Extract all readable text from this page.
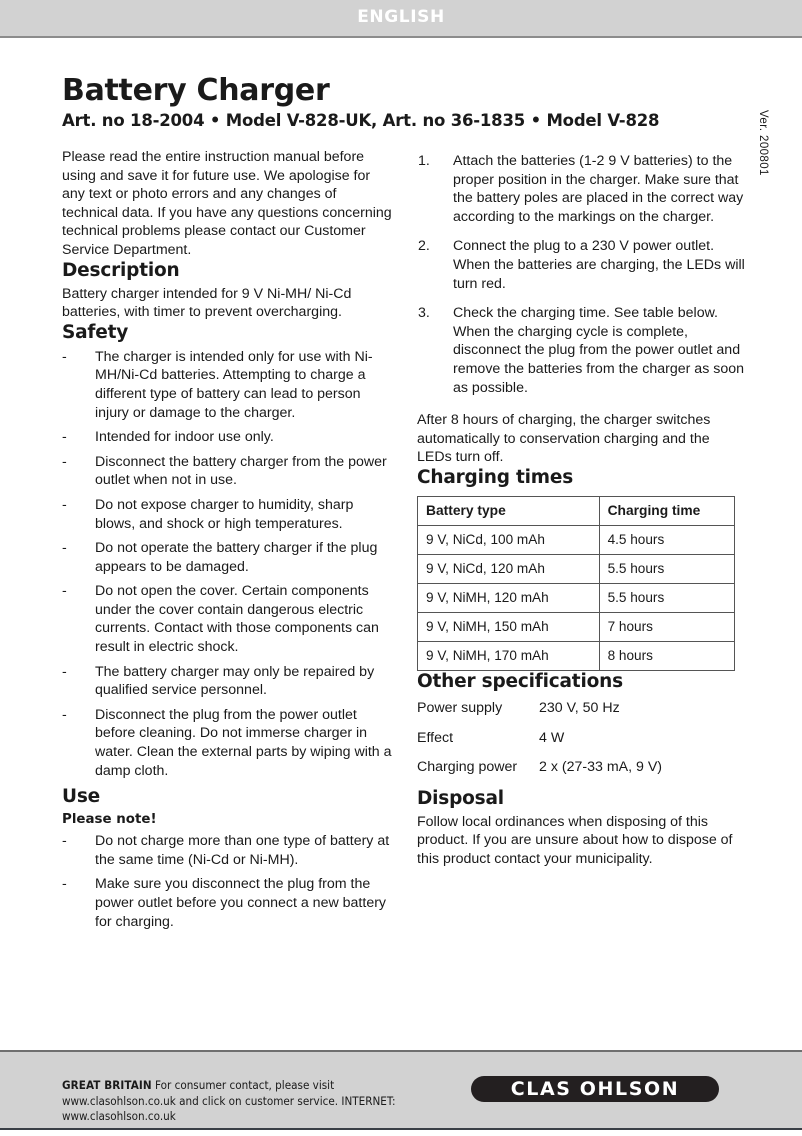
ENGLISH
Battery Charger
Art. no 18-2004 • Model V-828-UK, Art. no 36-1835 • Model V-828	Ver. 200801

Please read the entire instruction manual before using and save it for future use. We apologise for any text or photo errors and any changes of technical data. If you have any questions concerning technical problems please contact our Customer Service Department.

Description

Battery charger intended for 9 V Ni-MH/ Ni-Cd batteries, with timer to prevent overcharging.

Safety
- The charger is intended only for use with Ni-MH/Ni-Cd batteries. Attempting to charge a different type of battery can lead to person injury or damage to the charger.
- Intended for indoor use only.
- Disconnect the battery charger from the power outlet when not in use.
- Do not expose charger to humidity, sharp blows, and shock or high temperatures.
- Do not operate the battery charger if the plug appears to be damaged.
- Do not open the cover. Certain components under the cover contain dangerous electric currents. Contact with those components can result in electric shock.
- The battery charger may only be repaired by qualified service personnel.
- Disconnect the plug from the power outlet before cleaning. Do not immerse charger in water. Clean the external parts by wiping with a damp cloth.
Use
Please note!
- Do not charge more than one type of battery at the same time (Ni-Cd or Ni-MH).
- Make sure you disconnect the plug from the power outlet before you connect a new battery for charging.
1. Attach the batteries (1-2 9 V batteries) to the proper position in the charger. Make sure that the battery poles are placed in the correct way according to the markings on the charger.
2. Connect the plug to a 230 V power outlet. When the batteries are charging, the LEDs will turn red.
3. Check the charging time. See table below. When the charging cycle is complete, disconnect the plug from the power outlet and remove the batteries from the charger as soon as possible.

After 8 hours of charging, the charger switches automatically to conservation charging and the LEDs turn off.

Charging times
Battery type	Charging time
9 V, NiCd, 100 mAh	4.5 hours
9 V, NiCd, 120 mAh	5.5 hours
9 V, NiMH, 120 mAh	5.5 hours
9 V, NiMH, 150 mAh	7 hours
9 V, NiMH, 170 mAh	8 hours
Other specifications
Power supply	230 V, 50 Hz
Effect	4 W
Charging power	2 x (27-33 mA, 9 V)
Disposal

Follow local ordinances when disposing of this product. If you are unsure about how to dispose of this product contact your municipality.

GREAT BRITAIN For consumer contact, please visit www.clasohlson.co.uk and click on customer service. INTERNET: www.clasohlson.co.uk
CLAS OHLSON
